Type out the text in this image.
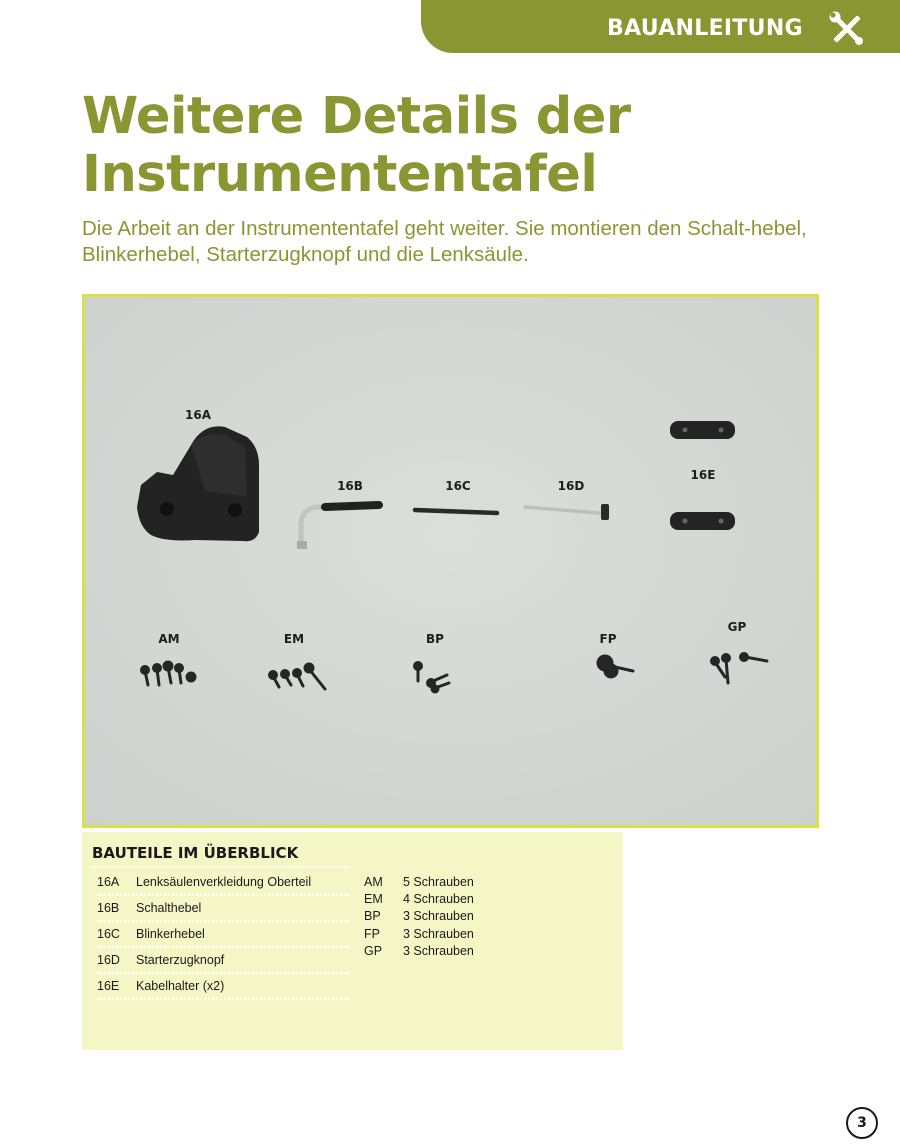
BAUANLEITUNG
Weitere Details der Instrumententafel

Die Arbeit an der Instrumententafel geht weiter. Sie montieren den Schalt-hebel, Blinkerhebel, Starterzugknopf und die Lenksäule.

16A
16B	16C	16D
16E
AM	EM	BP	FP
GP
BAUTEILE IM ÜBERBLICK
16A Lenksäulenverkleidung Oberteil
16B Schalthebel
16C Blinkerhebel
16D Starterzugknopf
16E Kabelhalter (x2)
AM 5 Schrauben
EM 4 Schrauben
BP 3 Schrauben
FP 3 Schrauben
GP 3 Schrauben
3
